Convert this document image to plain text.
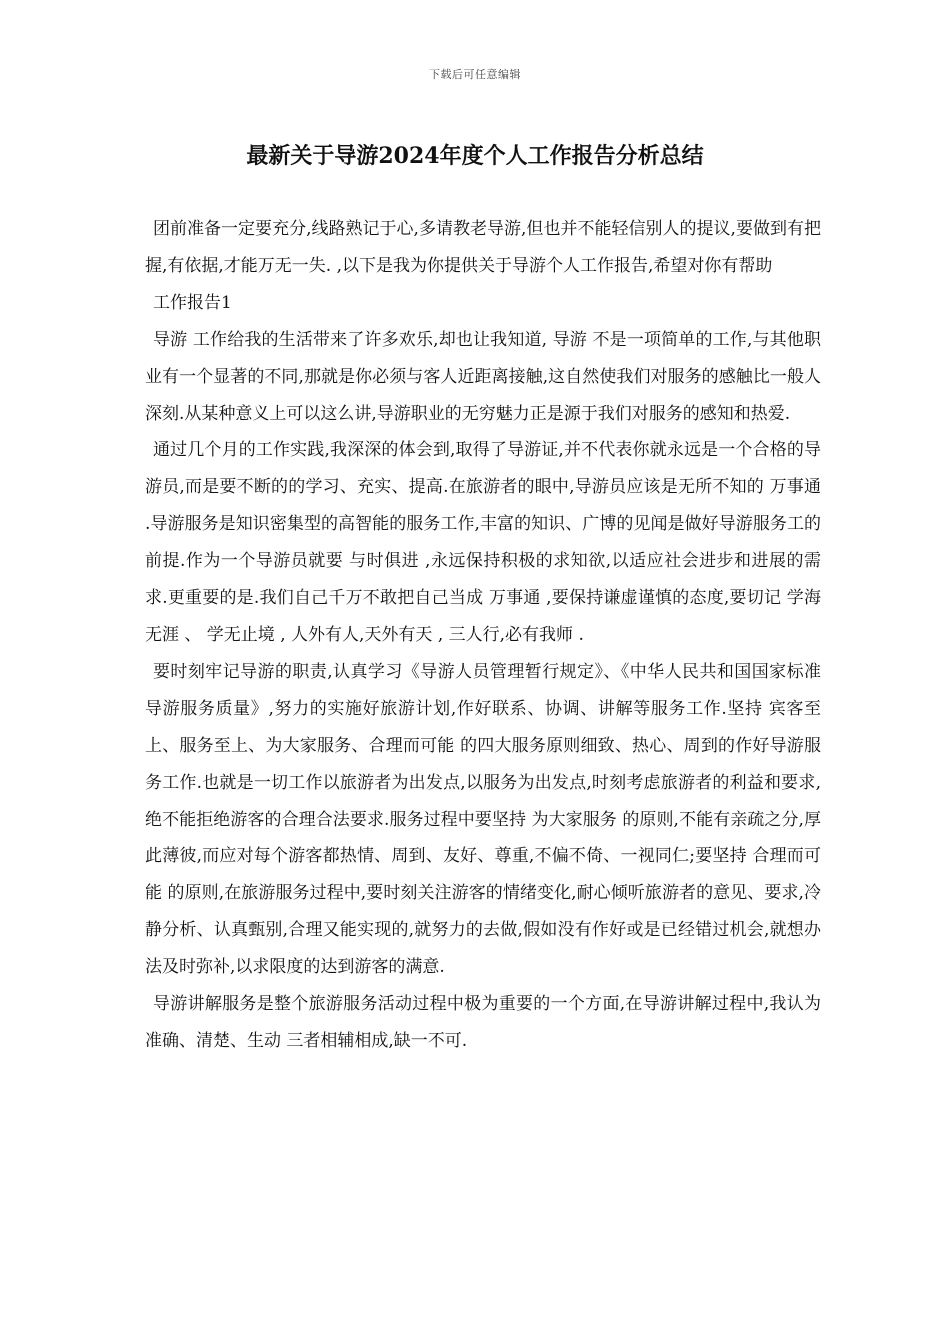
下载后可任意编辑
最新关于导游2024年度个人工作报告分析总结

团前准备一定要充分,线路熟记于心,多请教老导游,但也并不能轻信别人的提议,要做到有把握,有依据,才能万无一失. ,以下是我为你提供关于导游个人工作报告,希望对你有帮助

工作报告1

导游 工作给我的生活带来了许多欢乐,却也让我知道, 导游 不是一项简单的工作,与其他职业有一个显著的不同,那就是你必须与客人近距离接触,这自然使我们对服务的感触比一般人深刻.从某种意义上可以这么讲,导游职业的无穷魅力正是源于我们对服务的感知和热爱.

通过几个月的工作实践,我深深的体会到,取得了导游证,并不代表你就永远是一个合格的导游员,而是要不断的的学习、充实、提高.在旅游者的眼中,导游员应该是无所不知的 万事通 .导游服务是知识密集型的高智能的服务工作,丰富的知识、广博的见闻是做好导游服务工的前提.作为一个导游员就要 与时俱进 ,永远保持积极的求知欲,以适应社会进步和进展的需求.更重要的是.我们自己千万不敢把自己当成 万事通 ,要保持谦虚谨慎的态度,要切记 学海无涯 、 学无止境 , 人外有人,天外有天 , 三人行,必有我师 .

要时刻牢记导游的职责,认真学习《导游人员管理暂行规定》、《中华人民共和国国家标准导游服务质量》,努力的实施好旅游计划,作好联系、协调、讲解等服务工作.坚持 宾客至上、服务至上、为大家服务、合理而可能 的四大服务原则细致、热心、周到的作好导游服务工作.也就是一切工作以旅游者为出发点,以服务为出发点,时刻考虑旅游者的利益和要求,绝不能拒绝游客的合理合法要求.服务过程中要坚持 为大家服务 的原则,不能有亲疏之分,厚此薄彼,而应对每个游客都热情、周到、友好、尊重,不偏不倚、一视同仁;要坚持 合理而可能 的原则,在旅游服务过程中,要时刻关注游客的情绪变化,耐心倾听旅游者的意见、要求,冷静分析、认真甄别,合理又能实现的,就努力的去做,假如没有作好或是已经错过机会,就想办法及时弥补,以求限度的达到游客的满意.

导游讲解服务是整个旅游服务活动过程中极为重要的一个方面,在导游讲解过程中,我认为 准确、清楚、生动 三者相辅相成,缺一不可.
